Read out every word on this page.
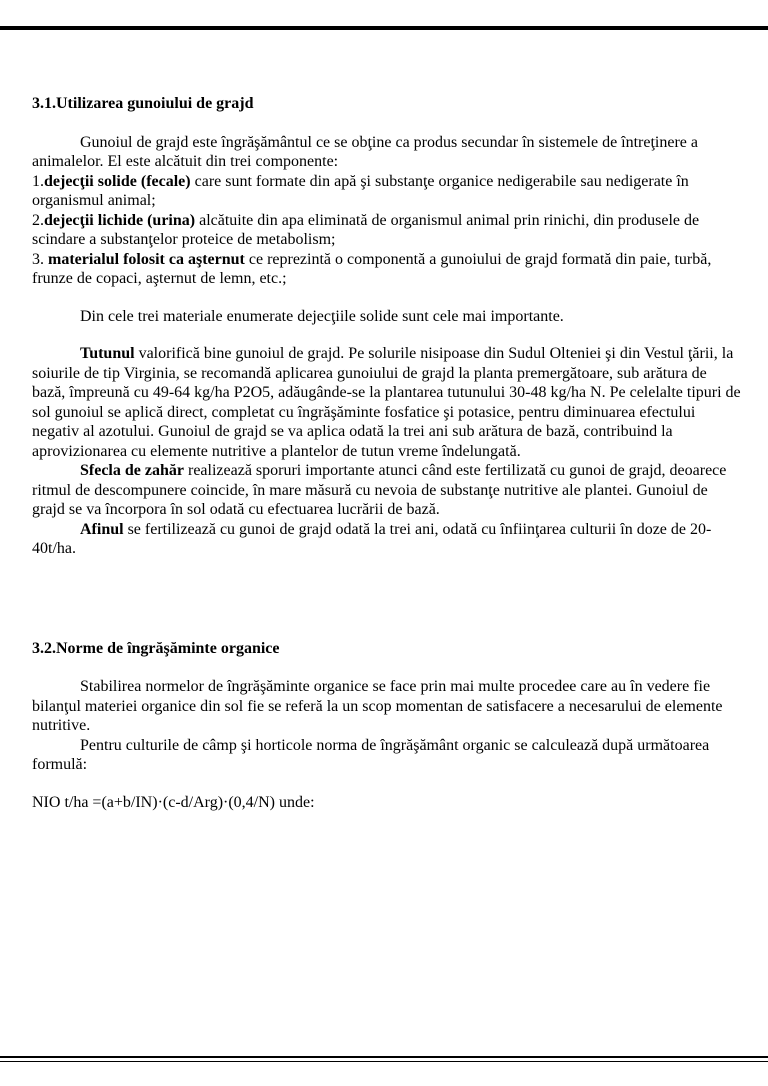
3.1.Utilizarea gunoiului de grajd

Gunoiul de grajd este îngrăşământul ce se obţine ca produs secundar în sistemele de întreţinere a animalelor. El este alcătuit din trei componente:

1.dejecţii solide (fecale) care sunt formate din apă şi substanţe organice nedigerabile sau nedigerate în organismul animal;

2.dejecţii lichide (urina) alcătuite din apa eliminată de organismul animal prin rinichi, din produsele de scindare a substanţelor proteice de metabolism;

3. materialul folosit ca aşternut ce reprezintă o componentă a gunoiului de grajd formată din paie, turbă, frunze de copaci, aşternut de lemn, etc.;

Din cele trei materiale enumerate dejecţiile solide sunt cele mai importante.

Tutunul valorifică bine gunoiul de grajd. Pe solurile nisipoase din Sudul Olteniei şi din Vestul ţării, la soiurile de tip Virginia, se recomandă aplicarea gunoiului de grajd la planta premergătoare, sub arătura de bază, împreună cu 49-64 kg/ha P2O5, adăugânde-se la plantarea tutunului 30-48 kg/ha N. Pe celelalte tipuri de sol gunoiul se aplică direct, completat cu îngrăşăminte fosfatice şi potasice, pentru diminuarea efectului negativ al azotului. Gunoiul de grajd se va aplica odată la trei ani sub arătura de bază, contribuind la aprovizionarea cu elemente nutritive a plantelor de tutun vreme îndelungată.

Sfecla de zahăr realizează sporuri importante atunci când este fertilizată cu gunoi de grajd, deoarece ritmul de descompunere coincide, în mare măsură cu nevoia de substanţe nutritive ale plantei. Gunoiul de grajd se va încorpora în sol odată cu efectuarea lucrării de bază.

Afinul se fertilizează cu gunoi de grajd odată la trei ani, odată cu înfiinţarea culturii în doze de 20-40t/ha.

3.2.Norme de îngrăşăminte organice

Stabilirea normelor de îngrăşăminte organice se face prin mai multe procedee care au în vedere fie bilanţul materiei organice din sol fie se referă la un scop momentan de satisfacere a necesarului de elemente nutritive.

Pentru culturile de câmp şi horticole norma de îngrăşământ organic se calculează după următoarea formulă:

NIO t/ha =(a+b/IN)·(c-d/Arg)·(0,4/N) unde:
